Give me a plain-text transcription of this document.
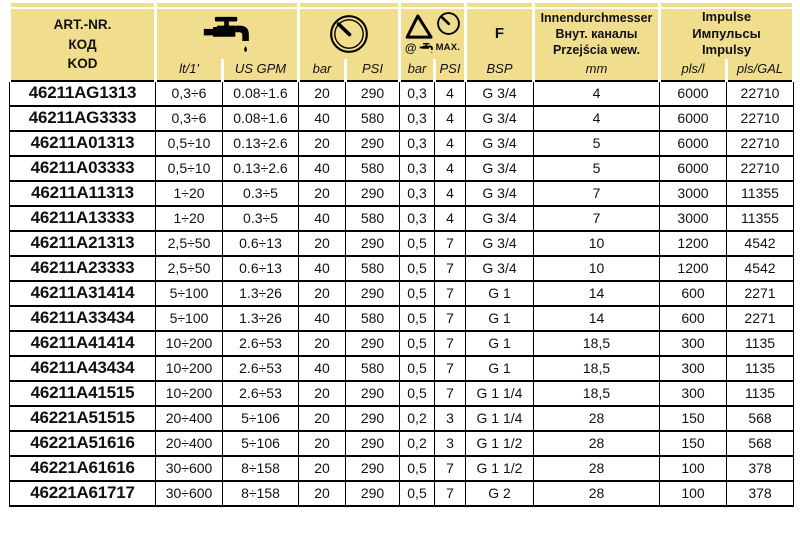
ART.-NR.
КОД
KOD

@ MAX.
	F	
Innendurchmesser
Внут. каналы
Przejścia wew.

Impulse
Импульсы
Impulsy

	lt/1'	US GPM	bar	PSI	bar	PSI	BSP	mm	pls/l	pls/GAL
46211AG1313	0,3÷6	0.08÷1.6	20	290	0,3	4	G 3/4	4	6000	22710
46211AG3333	0,3÷6	0.08÷1.6	40	580	0,3	4	G 3/4	4	6000	22710
46211A01313	0,5÷10	0.13÷2.6	20	290	0,3	4	G 3/4	5	6000	22710
46211A03333	0,5÷10	0.13÷2.6	40	580	0,3	4	G 3/4	5	6000	22710
46211A11313	1÷20	0.3÷5	20	290	0,3	4	G 3/4	7	3000	11355
46211A13333	1÷20	0.3÷5	40	580	0,3	4	G 3/4	7	3000	11355
46211A21313	2,5÷50	0.6÷13	20	290	0,5	7	G 3/4	10	1200	4542
46211A23333	2,5÷50	0.6÷13	40	580	0,5	7	G 3/4	10	1200	4542
46211A31414	5÷100	1.3÷26	20	290	0,5	7	G 1	14	600	2271
46211A33434	5÷100	1.3÷26	40	580	0,5	7	G 1	14	600	2271
46211A41414	10÷200	2.6÷53	20	290	0,5	7	G 1	18,5	300	1135
46211A43434	10÷200	2.6÷53	40	580	0,5	7	G 1	18,5	300	1135
46211A41515	10÷200	2.6÷53	20	290	0,5	7	G 1 1/4	18,5	300	1135
46221A51515	20÷400	5÷106	20	290	0,2	3	G 1 1/4	28	150	568
46221A51616	20÷400	5÷106	20	290	0,2	3	G 1 1/2	28	150	568
46221A61616	30÷600	8÷158	20	290	0,5	7	G 1 1/2	28	100	378
46221A61717	30÷600	8÷158	20	290	0,5	7	G 2	28	100	378
